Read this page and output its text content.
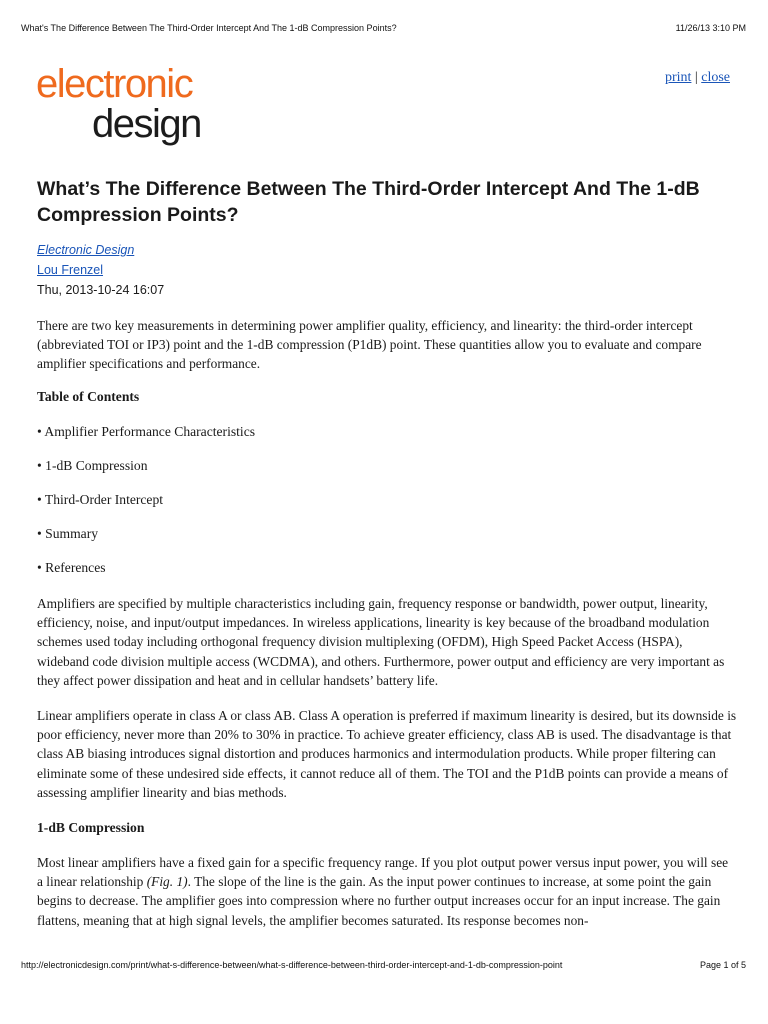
What's The Difference Between The Third-Order Intercept And The 1-dB Compression Points?	11/26/13 3:10 PM
electronic
design
print | close
What’s The Difference Between The Third-Order Intercept And The 1-dB Compression Points?
Electronic Design
Lou Frenzel
Thu, 2013-10-24 16:07
There are two key measurements in determining power amplifier quality, efficiency, and linearity: the third-order intercept (abbreviated TOI or IP3) point and the 1-dB compression (P1dB) point. These quantities allow you to evaluate and compare amplifier specifications and performance.
Table of Contents
• Amplifier Performance Characteristics
• 1-dB Compression
• Third-Order Intercept
• Summary
• References
Amplifiers are specified by multiple characteristics including gain, frequency response or bandwidth, power output, linearity, efficiency, noise, and input/output impedances. In wireless applications, linearity is key because of the broadband modulation schemes used today including orthogonal frequency division multiplexing (OFDM), High Speed Packet Access (HSPA), wideband code division multiple access (WCDMA), and others. Furthermore, power output and efficiency are very important as they affect power dissipation and heat and in cellular handsets’ battery life.
Linear amplifiers operate in class A or class AB. Class A operation is preferred if maximum linearity is desired, but its downside is poor efficiency, never more than 20% to 30% in practice. To achieve greater efficiency, class AB is used. The disadvantage is that class AB biasing introduces signal distortion and produces harmonics and intermodulation products. While proper filtering can eliminate some of these undesired side effects, it cannot reduce all of them. The TOI and the P1dB points can provide a means of assessing amplifier linearity and bias methods.
1-dB Compression
Most linear amplifiers have a fixed gain for a specific frequency range. If you plot output power versus input power, you will see a linear relationship (Fig. 1). The slope of the line is the gain. As the input power continues to increase, at some point the gain begins to decrease. The amplifier goes into compression where no further output increases occur for an input increase. The gain flattens, meaning that at high signal levels, the amplifier becomes saturated. Its response becomes non-
http://electronicdesign.com/print/what-s-difference-between/what-s-difference-between-third-order-intercept-and-1-db-compression-point	Page 1 of 5
